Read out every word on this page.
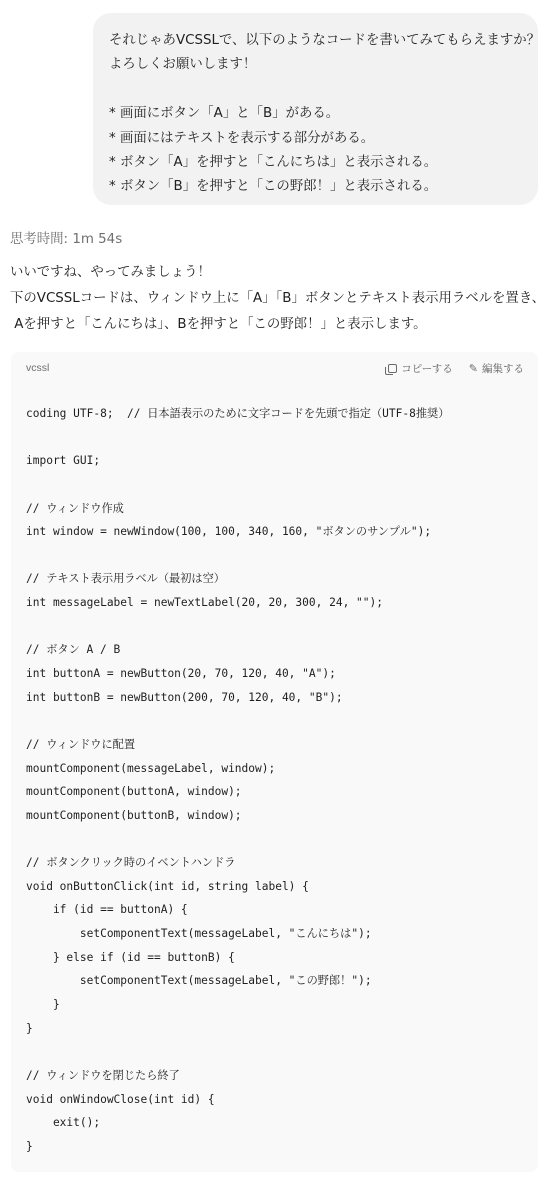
それじゃあVCSSLで、以下のようなコードを書いてみてもらえますか？
よろしくお願いします！
* 画面にボタン「A」と「B」がある。
* 画面にはテキストを表示する部分がある。
* ボタン「A」を押すと「こんにちは」と表示される。
* ボタン「B」を押すと「この野郎！」と表示される。
思考時間: 1m 54s
いいですね、やってみましょう！
下のVCSSLコードは、ウィンドウ上に「A」「B」ボタンとテキスト表示用ラベルを置き、
Aを押すと「こんにちは」、Bを押すと「この野郎！」と表示します。
vcssl	コピーする ✎ 編集する
coding UTF-8;  // 日本語表示のために文字コードを先頭で指定（UTF-8推奨）
import GUI;
// ウィンドウ作成
int window = newWindow(100, 100, 340, 160, "ボタンのサンプル");
// テキスト表示用ラベル（最初は空）
int messageLabel = newTextLabel(20, 20, 300, 24, "");
// ボタン A / B
int buttonA = newButton(20, 70, 120, 40, "A");
int buttonB = newButton(200, 70, 120, 40, "B");
// ウィンドウに配置
mountComponent(messageLabel, window);
mountComponent(buttonA, window);
mountComponent(buttonB, window);
// ボタンクリック時のイベントハンドラ
void onButtonClick(int id, string label) {
if (id == buttonA) {
setComponentText(messageLabel, "こんにちは");
} else if (id == buttonB) {
setComponentText(messageLabel, "この野郎！");
}
}
// ウィンドウを閉じたら終了
void onWindowClose(int id) {
exit();
}
